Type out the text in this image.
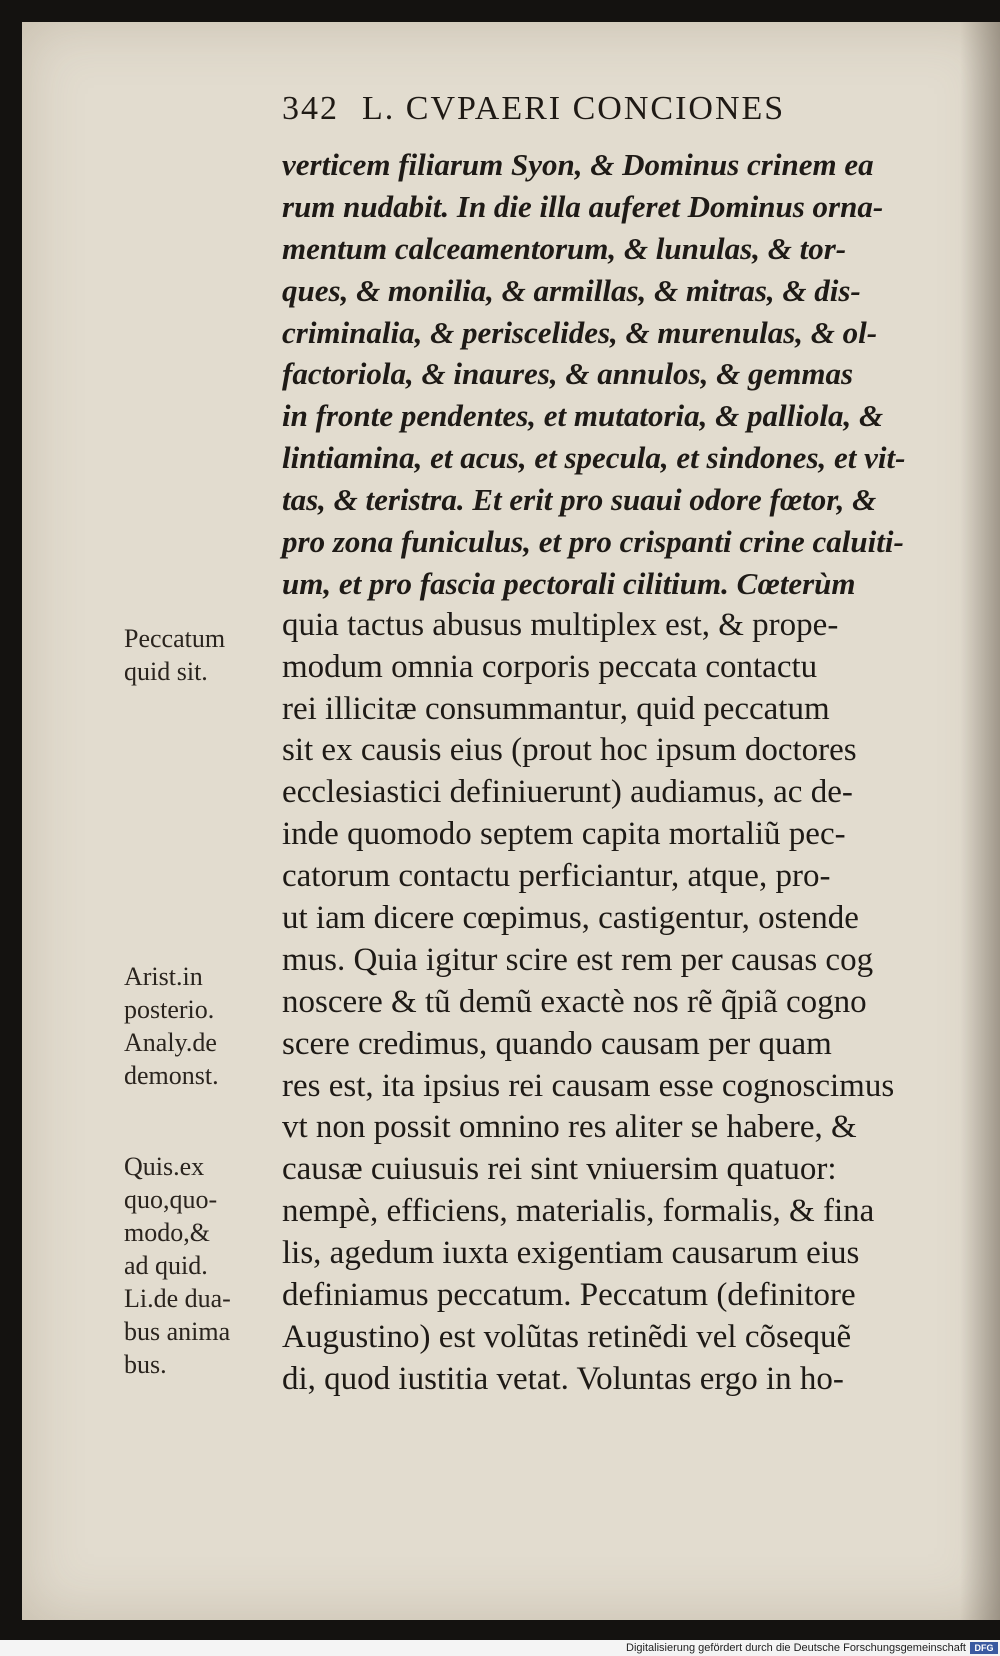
342 L. CVPAERI CONCIONES
verticem filiarum Syon, & Dominus crinem ea
rum nudabit. In die illa auferet Dominus orna-
mentum calceamentorum, & lunulas, & tor-
ques, & monilia, & armillas, & mitras, & dis-
criminalia, & periscelides, & murenulas, & ol-
factoriola, & inaures, & annulos, & gemmas
in fronte pendentes, et mutatoria, & palliola, &
lintiamina, et acus, et specula, et sindones, et vit-
tas, & teristra. Et erit pro suaui odore fœtor, &
pro zona funiculus, et pro crispanti crine caluiti-
um, et pro fascia pectorali cilitium. Cœterùm
quia tactus abusus multiplex est, & prope-
modum omnia corporis peccata contactu
rei illicitæ consummantur, quid peccatum
sit ex causis eius (prout hoc ipsum doctores
ecclesiastici definiuerunt) audiamus, ac de-
inde quomodo septem capita mortaliũ pec-
catorum contactu perficiantur, atque, pro-
ut iam dicere cœpimus, castigentur, ostende
mus. Quia igitur scire est rem per causas cog
noscere & tũ demũ exactè nos rẽ q̃piã cogno
scere credimus, quando causam per quam
res est, ita ipsius rei causam esse cognoscimus
vt non possit omnino res aliter se habere, &
causæ cuiusuis rei sint vniuersim quatuor:
nempè, efficiens, materialis, formalis, & fina
lis, agedum iuxta exigentiam causarum eius
definiamus peccatum. Peccatum (definitore
Augustino) est volũtas retinẽdi vel cõsequẽ
di, quod iustitia vetat. Voluntas ergo in ho-
Peccatum
quid sit.
Arist.in
posterio.
Analy.de
demonst.
Quis.ex
quo,quo-
modo,&
ad quid.
Li.de dua-
bus anima
bus.
Digitalisierung gefördert durch die Deutsche Forschungsgemeinschaft DFG
